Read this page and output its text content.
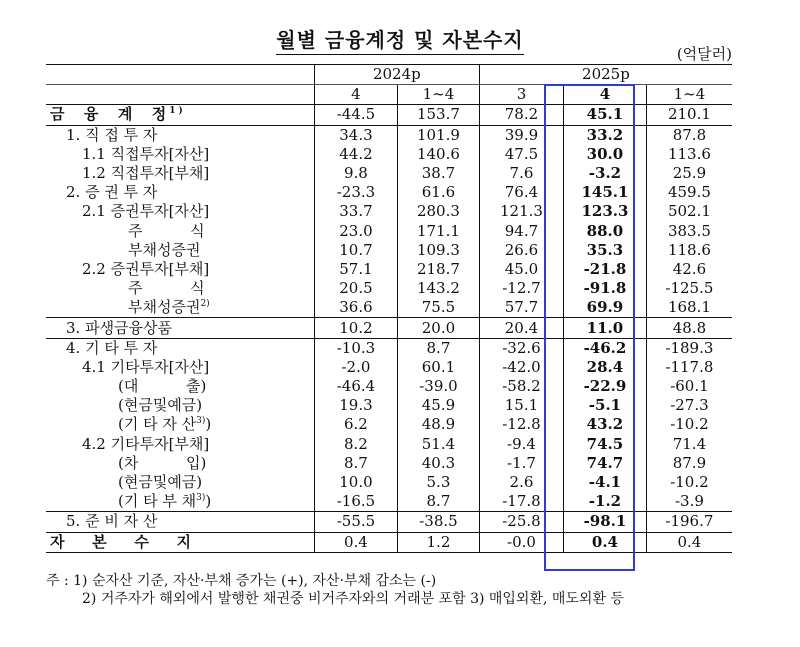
월별 금융계정 및 자본수지
(억달러)
	2024p		2025p		
	4	1~4	3	4	1~4
금  융  계  정$^{1)}$	-44.5	153.7	78.2	45.1	210.1
1. 직 접 투 자	34.3	101.9	39.9	33.2	87.8
1.1 직접투자[자산]	44.2	140.6	47.5	30.0	113.6
1.2 직접투자[부채]	9.8	38.7	7.6	-3.2	25.9
2. 증 권 투 자	-23.3	61.6	76.4	145.1	459.5
2.1 증권투자[자산]	33.7	280.3	121.3	123.3	502.1
주          식	23.0	171.1	94.7	88.0	383.5
부채성증권	10.7	109.3	26.6	35.3	118.6
2.2 증권투자[부채]	57.1	218.7	45.0	-21.8	42.6
주          식	20.5	143.2	-12.7	-91.8	-125.5
부채성증권$^{2)}$	36.6	75.5	57.7	69.9	168.1
3. 파생금융상품	10.2	20.0	20.4	11.0	48.8
4. 기 타 투 자	-10.3	8.7	-32.6	-46.2	-189.3
4.1 기타투자[자산]	-2.0	60.1	-42.0	28.4	-117.8
(대          출)	-46.4	-39.0	-58.2	-22.9	-60.1
(현금및예금)	19.3	45.9	15.1	-5.1	-27.3
(기 타 자 산$^{3)}$)	6.2	48.9	-12.8	43.2	-10.2
4.2 기타투자[부채]	8.2	51.4	-9.4	74.5	71.4
(차          입)	8.7	40.3	-1.7	74.7	87.9
(현금및예금)	10.0	5.3	2.6	-4.1	-10.2
(기 타 부 채$^{3)}$)	-16.5	8.7	-17.8	-1.2	-3.9
5. 준 비 자 산	-55.5	-38.5	-25.8	-98.1	-196.7
자   본   수   지	0.4	1.2	-0.0	0.4	0.4
주 : 1) 순자산 기준, 자산·부채 증가는 (+), 자산·부채 감소는 (-)
2) 거주자가 해외에서 발행한 채권중 비거주자와의 거래분 포함 3) 매입외환, 매도외환 등
